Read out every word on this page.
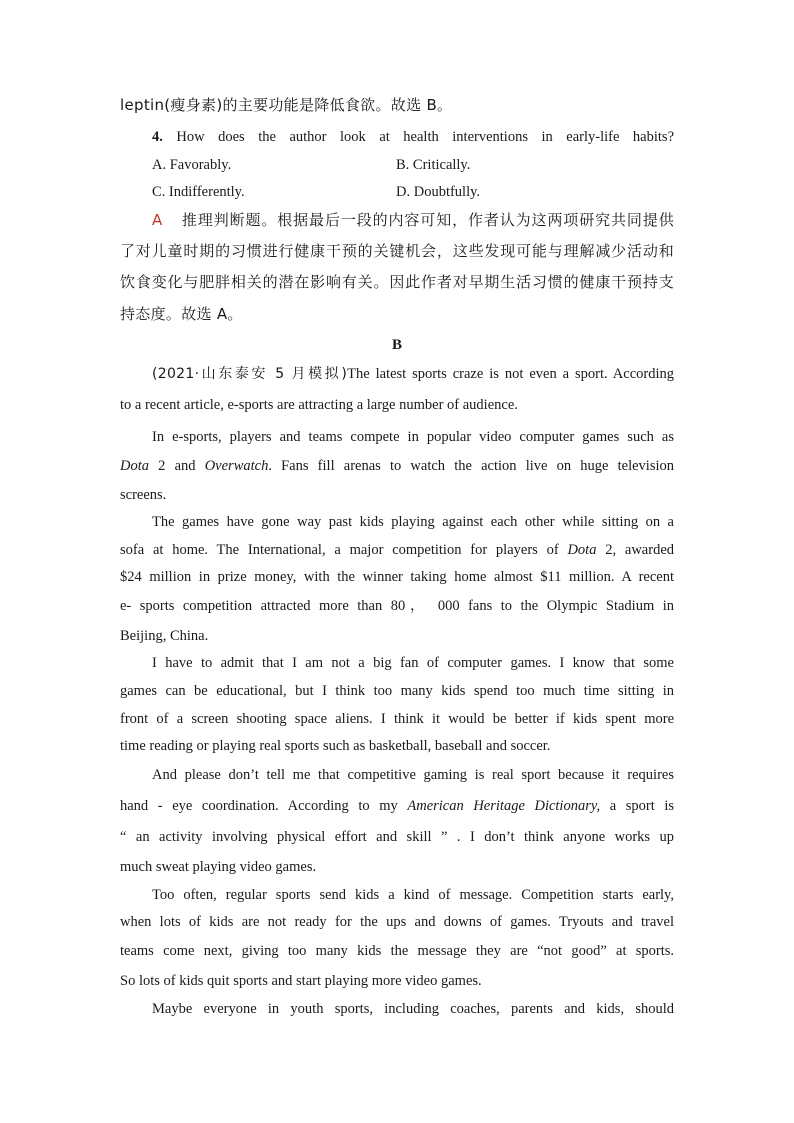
leptin(瘦身素)的主要功能是降低食欲。故选 B。
4. How does the author look at health interventions in early-life habits?
A. Favorably.	B. Critically.
C. Indifferently.	D. Doubtfully.
A 推理判断题。根据最后一段的内容可知，作者认为这两项研究共同提供
了对儿童时期的习惯进行健康干预的关键机会，这些发现可能与理解减少活动和
饮食变化与肥胖相关的潜在影响有关。因此作者对早期生活习惯的健康干预持支
持态度。故选 A。
B
(2021·山东泰安 5 月模拟)The latest sports craze is not even a sport. According
to a recent article, e-sports are attracting a large number of audience.
In e-sports, players and teams compete in popular video computer games such as
Dota 2 and Overwatch. Fans fill arenas to watch the action live on huge television
screens.
The games have gone way past kids playing against each other while sitting on a
sofa at home. The International, a major competition for players of Dota 2, awarded
$24 million in prize money, with the winner taking home almost $11 million. A recent
e- sports competition attracted more than 80， 000 fans to the Olympic Stadium in
Beijing, China.
I have to admit that I am not a big fan of computer games. I know that some
games can be educational, but I think too many kids spend too much time sitting in
front of a screen shooting space aliens. I think it would be better if kids spent more
time reading or playing real sports such as basketball, baseball and soccer.
And please don’t tell me that competitive gaming is real sport because it requires
hand - eye coordination. According to my American Heritage Dictionary, a sport is
“ an activity involving physical effort and skill ” . I don’t think anyone works up
much sweat playing video games.
Too often, regular sports send kids a kind of message. Competition starts early,
when lots of kids are not ready for the ups and downs of games. Tryouts and travel
teams come next, giving too many kids the message they are “not good” at sports.
So lots of kids quit sports and start playing more video games.
Maybe everyone in youth sports, including coaches, parents and kids, should
